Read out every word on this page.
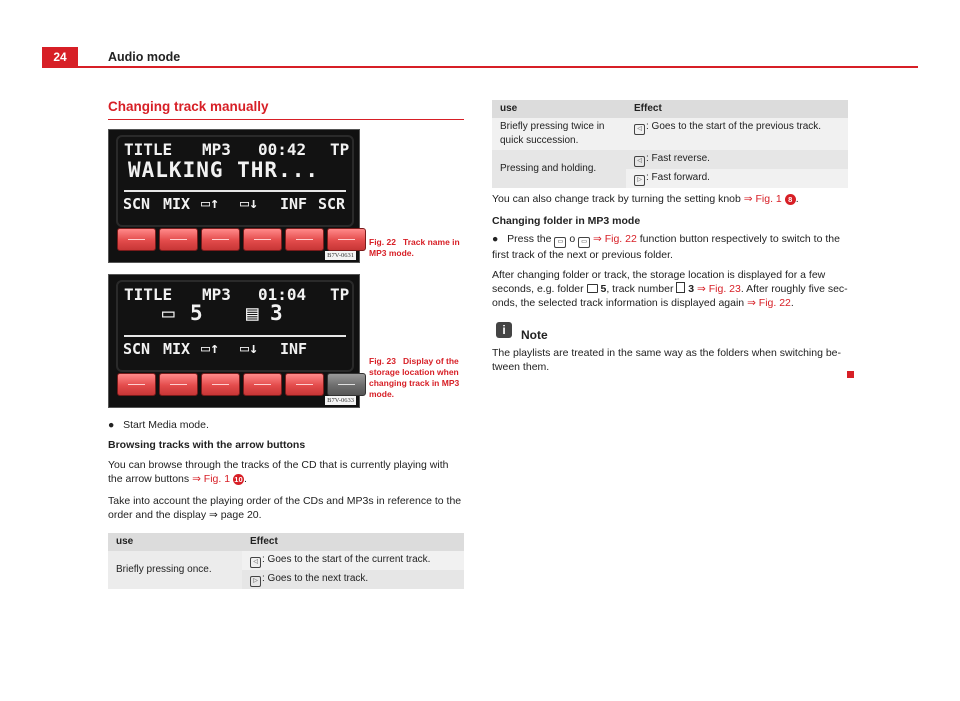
24	Audio mode
Changing track manually
TITLE MP3 00:42 TP
WALKING THR...
SCN MIX ▭↑ ▭↓ INF SCR
B7V-0631
Fig. 22 Track name in MP3 mode.
TITLE MP3 01:04 TP
▭ 5 ▤ 3
SCN MIX ▭↑ ▭↓ INF
B7V-0633
Fig. 23 Display of the storage location when changing track in MP3 mode.
● Start Media mode.
Browsing tracks with the arrow buttons
You can browse through the tracks of the CD that is currently playing with the arrow buttons ⇒ Fig. 1 10.
Take into account the playing order of the CDs and MP3s in reference to the order and the display ⇒ page 20.
use	Effect
Briefly pressing once.	◁ : Goes to the start of the current track.
	▷ : Goes to the next track.
use	Effect
Briefly pressing twice in quick succession.	◁ : Goes to the start of the previous track.
Pressing and holding.	◁ : Fast reverse.
	▷ : Fast forward.
You can also change track by turning the setting knob ⇒ Fig. 1 8 .
Changing folder in MP3 mode
● Press the ▭ o ▭ ⇒ Fig. 22 function button respectively to switch to the first track of the next or previous folder.
After changing folder or track, the storage location is displayed for a few seconds, e.g. folder 5, track number 3 ⇒ Fig. 23. After roughly five sec-onds, the selected track information is displayed again ⇒ Fig. 22.
i	Note
The playlists are treated in the same way as the folders when switching be-tween them.
